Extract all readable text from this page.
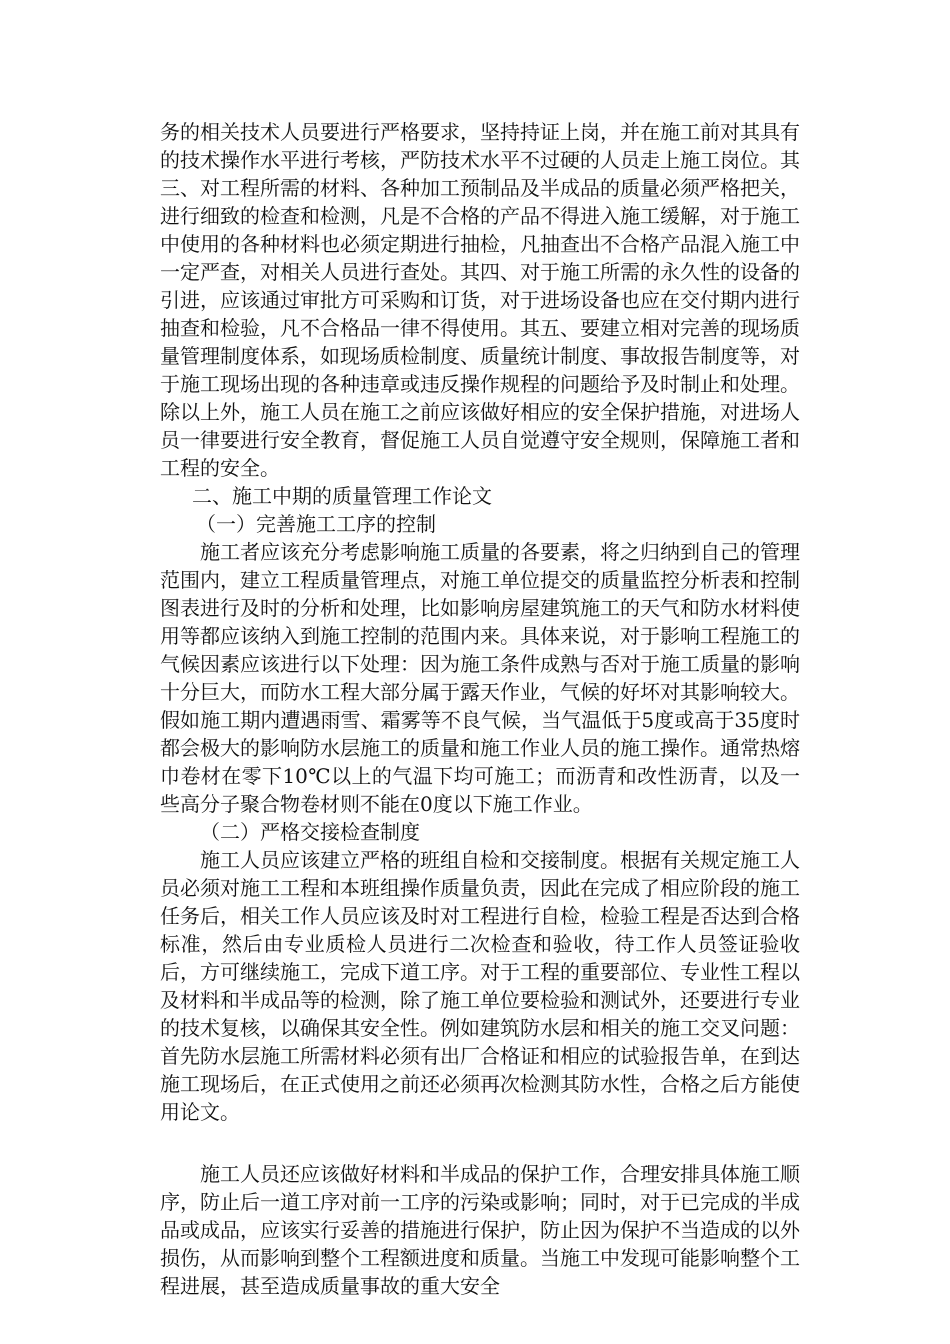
务的相关技术人员要进行严格要求，坚持持证上岗，并在施工前对其具有的技术操作水平进行考核，严防技术水平不过硬的人员走上施工岗位。其三、对工程所需的材料、各种加工预制品及半成品的质量必须严格把关，进行细致的检查和检测，凡是不合格的产品不得进入施工缓解，对于施工中使用的各种材料也必须定期进行抽检，凡抽查出不合格产品混入施工中一定严查，对相关人员进行查处。其四、对于施工所需的永久性的设备的引进，应该通过审批方可采购和订货，对于进场设备也应在交付期内进行抽查和检验，凡不合格品一律不得使用。其五、要建立相对完善的现场质量管理制度体系，如现场质检制度、质量统计制度、事故报告制度等，对于施工现场出现的各种违章或违反操作规程的问题给予及时制止和处理。除以上外，施工人员在施工之前应该做好相应的安全保护措施，对进场人员一律要进行安全教育，督促施工人员自觉遵守安全规则，保障施工者和工程的安全。

二、施工中期的质量管理工作论文

（一）完善施工工序的控制

施工者应该充分考虑影响施工质量的各要素，将之归纳到自己的管理范围内，建立工程质量管理点，对施工单位提交的质量监控分析表和控制图表进行及时的分析和处理，比如影响房屋建筑施工的天气和防水材料使用等都应该纳入到施工控制的范围内来。具体来说，对于影响工程施工的气候因素应该进行以下处理：因为施工条件成熟与否对于施工质量的影响十分巨大，而防水工程大部分属于露天作业，气候的好坏对其影响较大。假如施工期内遭遇雨雪、霜雾等不良气候，当气温低于5度或高于35度时都会极大的影响防水层施工的质量和施工作业人员的施工操作。通常热熔巾卷材在零下10℃以上的气温下均可施工；而沥青和改性沥青，以及一些高分子聚合物卷材则不能在0度以下施工作业。

（二）严格交接检查制度

施工人员应该建立严格的班组自检和交接制度。根据有关规定施工人员必须对施工工程和本班组操作质量负责，因此在完成了相应阶段的施工任务后，相关工作人员应该及时对工程进行自检，检验工程是否达到合格标准，然后由专业质检人员进行二次检查和验收，待工作人员签证验收后，方可继续施工，完成下道工序。对于工程的重要部位、专业性工程以及材料和半成品等的检测，除了施工单位要检验和测试外，还要进行专业的技术复核，以确保其安全性。例如建筑防水层和相关的施工交叉问题：首先防水层施工所需材料必须有出厂合格证和相应的试验报告单，在到达施工现场后，在正式使用之前还必须再次检测其防水性，合格之后方能使用论文。

施工人员还应该做好材料和半成品的保护工作，合理安排具体施工顺序，防止后一道工序对前一工序的污染或影响；同时，对于已完成的半成品或成品，应该实行妥善的措施进行保护，防止因为保护不当造成的以外损伤，从而影响到整个工程额进度和质量。当施工中发现可能影响整个工程进展，甚至造成质量事故的重大安全
